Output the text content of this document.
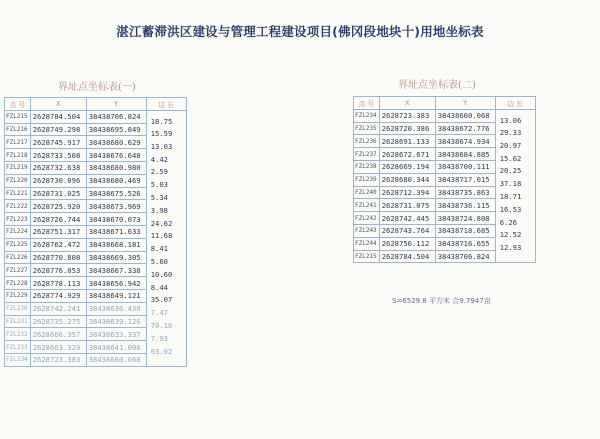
湛江蓄滞洪区建设与管理工程建设项目(佛冈段地块十)用地坐标表
界址点坐标表(一)
点 号	X	Y	边 长
FZL215	2628784.504	38438706.824	18.75

FZL216	2628749.298	38438695.849	15.59

FZL217	2628745.917	38438680.629	13.03

FZL218	2628733.508	38438676.648	4.42

FZL219	2628732.638	38438680.980	2.59

FZL220	2628730.096	38438680.469	5.03

FZL221	2628731.025	38438675.526	5.34

FZL222	2628725.920	38438673.969	3.98

FZL223	2628726.744	38438670.073	24.62

FZL224	2628751.317	38438671.633	11.68

FZL225	2628762.472	38438668.181	8.41

FZL226	2628770.808	38438669.305	5.60

FZL227	2628776.053	38438667.338	10.60

FZL228	2628778.113	38438656.942	8.44

FZL229	2628774.929	38438649.121	35.07

FZL230	2628742.241	38438636.430	7.47

FZL231	2628735.275	38438639.126	70.16

FZL232	2628666.357	38438633.337	7.93

FZL233	2628663.320	38438641.006	63.02

FZL234	2628723.383	38438660.068	
界址点坐标表(二)
点 号	X	Y	边 长
FZL234	2628723.383	38438660.068	13.06

FZL235	2628720.386	38438672.776	29.33

FZL236	2628691.133	38438674.934	20.97

FZL237	2628672.671	38438684.885	15.62

FZL238	2628669.194	38438700.111	20.25

FZL239	2628680.344	38438717.015	37.18

FZL240	2628712.394	38438735.863	18.71

FZL241	2628731.075	38438736.115	16.53

FZL242	2628742.445	38438724.808	6.26

FZL243	2628743.764	38438718.685	12.52

FZL244	2628756.112	38438716.655	12.93

FZL215	2628784.504	38438706.824	
S=6529.8 平方米 合9.7947亩
